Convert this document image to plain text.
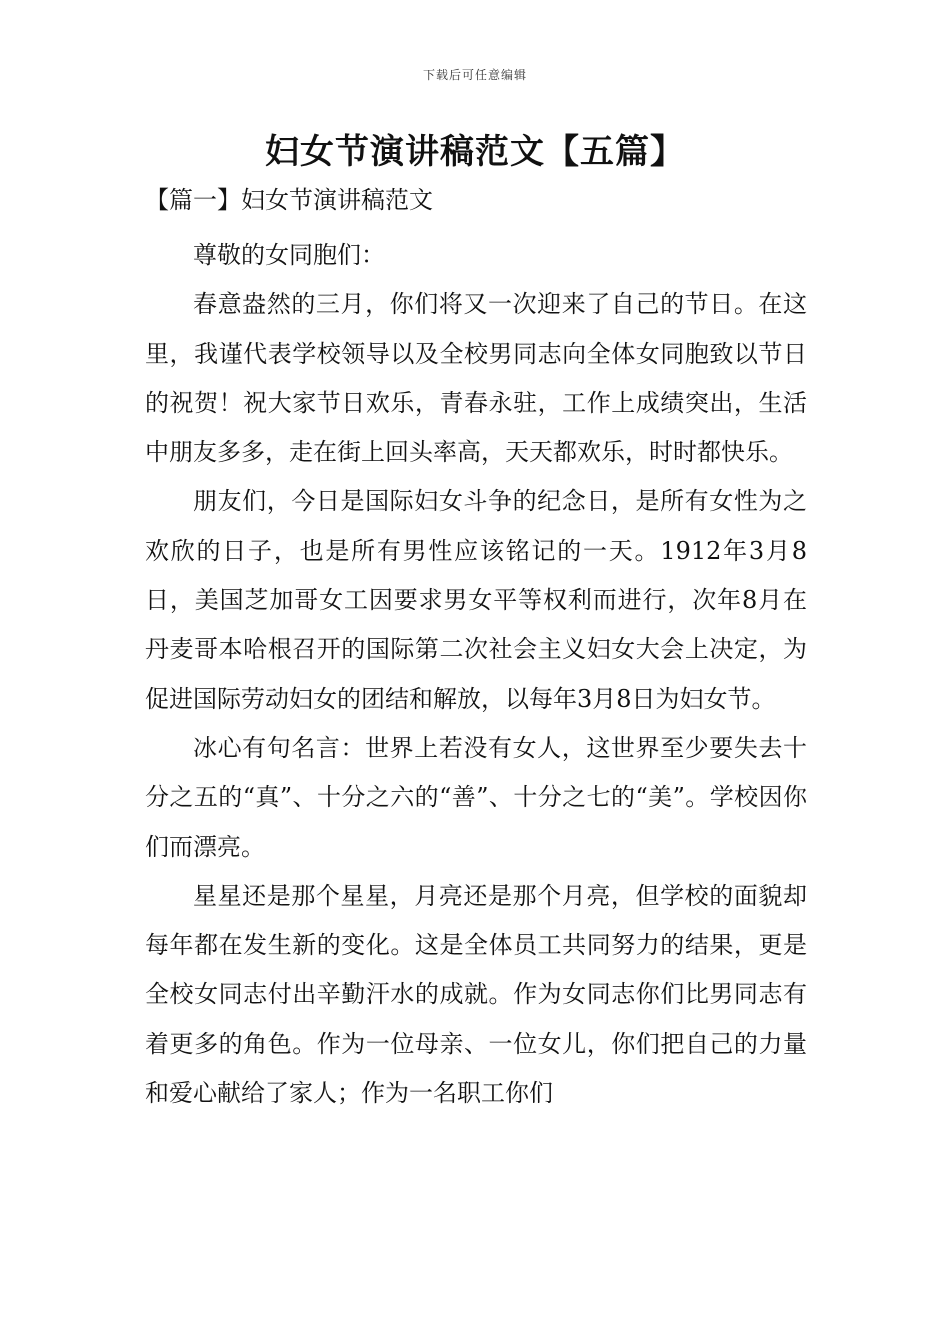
下载后可任意编辑
妇女节演讲稿范文【五篇】
【篇一】妇女节演讲稿范文

尊敬的女同胞们：

春意盎然的三月，你们将又一次迎来了自己的节日。在这里，我谨代表学校领导以及全校男同志向全体女同胞致以节日的祝贺！祝大家节日欢乐，青春永驻，工作上成绩突出，生活中朋友多多，走在街上回头率高，天天都欢乐，时时都快乐。

朋友们，今日是国际妇女斗争的纪念日，是所有女性为之欢欣的日子，也是所有男性应该铭记的一天。1912年3月8日，美国芝加哥女工因要求男女平等权利而进行，次年8月在丹麦哥本哈根召开的国际第二次社会主义妇女大会上决定，为促进国际劳动妇女的团结和解放，以每年3月8日为妇女节。

冰心有句名言：世界上若没有女人，这世界至少要失去十分之五的“真”、十分之六的“善”、十分之七的“美”。学校因你们而漂亮。

星星还是那个星星，月亮还是那个月亮，但学校的面貌却每年都在发生新的变化。这是全体员工共同努力的结果，更是全校女同志付出辛勤汗水的成就。作为女同志你们比男同志有着更多的角色。作为一位母亲、一位女儿，你们把自己的力量和爱心献给了家人；作为一名职工你们
